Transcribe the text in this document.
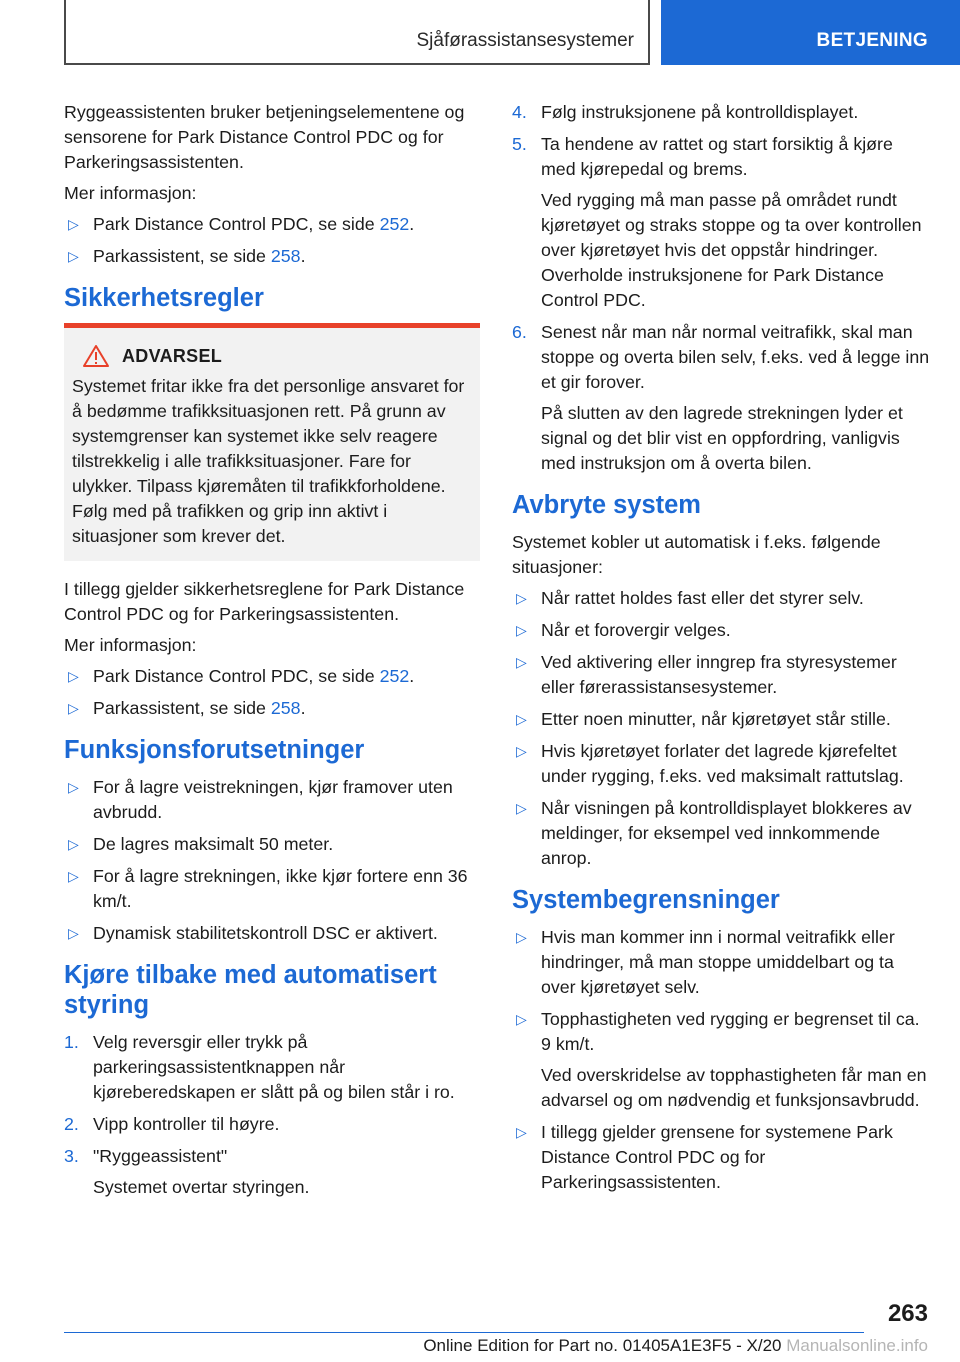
Sjåførassistansesystemer	BETJENING

Ryggeassistenten bruker betjeningselementene og sensorene for Park Distance Control PDC og for Parkeringsassistenten.

Mer informasjon:

▷ Park Distance Control PDC, se side 252.
▷ Parkassistent, se side 258.
Sikkerhetsregler
ADVARSEL

Systemet fritar ikke fra det personlige ansvaret for å bedømme trafikksituasjonen rett. På grunn av systemgrenser kan systemet ikke selv reagere tilstrekkelig i alle trafikksituasjoner. Fare for ulykker. Tilpass kjøremåten til trafikkforholdene. Følg med på trafikken og grip inn aktivt i situasjoner som krever det.

I tillegg gjelder sikkerhetsreglene for Park Distance Control PDC og for Parkeringsassistenten.

Mer informasjon:

▷ Park Distance Control PDC, se side 252.
▷ Parkassistent, se side 258.
Funksjonsforutsetninger
▷ For å lagre veistrekningen, kjør framover uten avbrudd.
▷ De lagres maksimalt 50 meter.
▷ For å lagre strekningen, ikke kjør fortere enn 36 km/t.
▷ Dynamisk stabilitetskontroll DSC er aktivert.
Kjøre tilbake med automatisert styring
1. Velg reversgir eller trykk på parkeringsassistentknappen når kjøreberedskapen er slått på og bilen står i ro.
2. Vipp kontroller til høyre.
3. "Ryggeassistent"
Systemet overtar styringen.
4. Følg instruksjonene på kontrolldisplayet.
5. Ta hendene av rattet og start forsiktig å kjøre med kjørepedal og brems.
Ved rygging må man passe på området rundt kjøretøyet og straks stoppe og ta over kontrollen over kjøretøyet hvis det oppstår hindringer. Overholde instruksjonene for Park Distance Control PDC.
6. Senest når man når normal veitrafikk, skal man stoppe og overta bilen selv, f.eks. ved å legge inn et gir forover.
På slutten av den lagrede strekningen lyder et signal og det blir vist en oppfordring, vanligvis med instruksjon om å overta bilen.
Avbryte system

Systemet kobler ut automatisk i f.eks. følgende situasjoner:

▷ Når rattet holdes fast eller det styrer selv.
▷ Når et forovergir velges.
▷ Ved aktivering eller inngrep fra styresystemer eller førerassistansesystemer.
▷ Etter noen minutter, når kjøretøyet står stille.
▷ Hvis kjøretøyet forlater det lagrede kjørefeltet under rygging, f.eks. ved maksimalt rattutslag.
▷ Når visningen på kontrolldisplayet blokkeres av meldinger, for eksempel ved innkommende anrop.
Systembegrensninger
▷ Hvis man kommer inn i normal veitrafikk eller hindringer, må man stoppe umiddelbart og ta over kjøretøyet selv.
▷ Topphastigheten ved rygging er begrenset til ca. 9 km/t.
Ved overskridelse av topphastigheten får man en advarsel og om nødvendig et funksjonsavbrudd.
▷ I tillegg gjelder grensene for systemene Park Distance Control PDC og for Parkeringsassistenten.
263
Online Edition for Part no. 01405A1E3F5 - X/20 Manualsonline.info
